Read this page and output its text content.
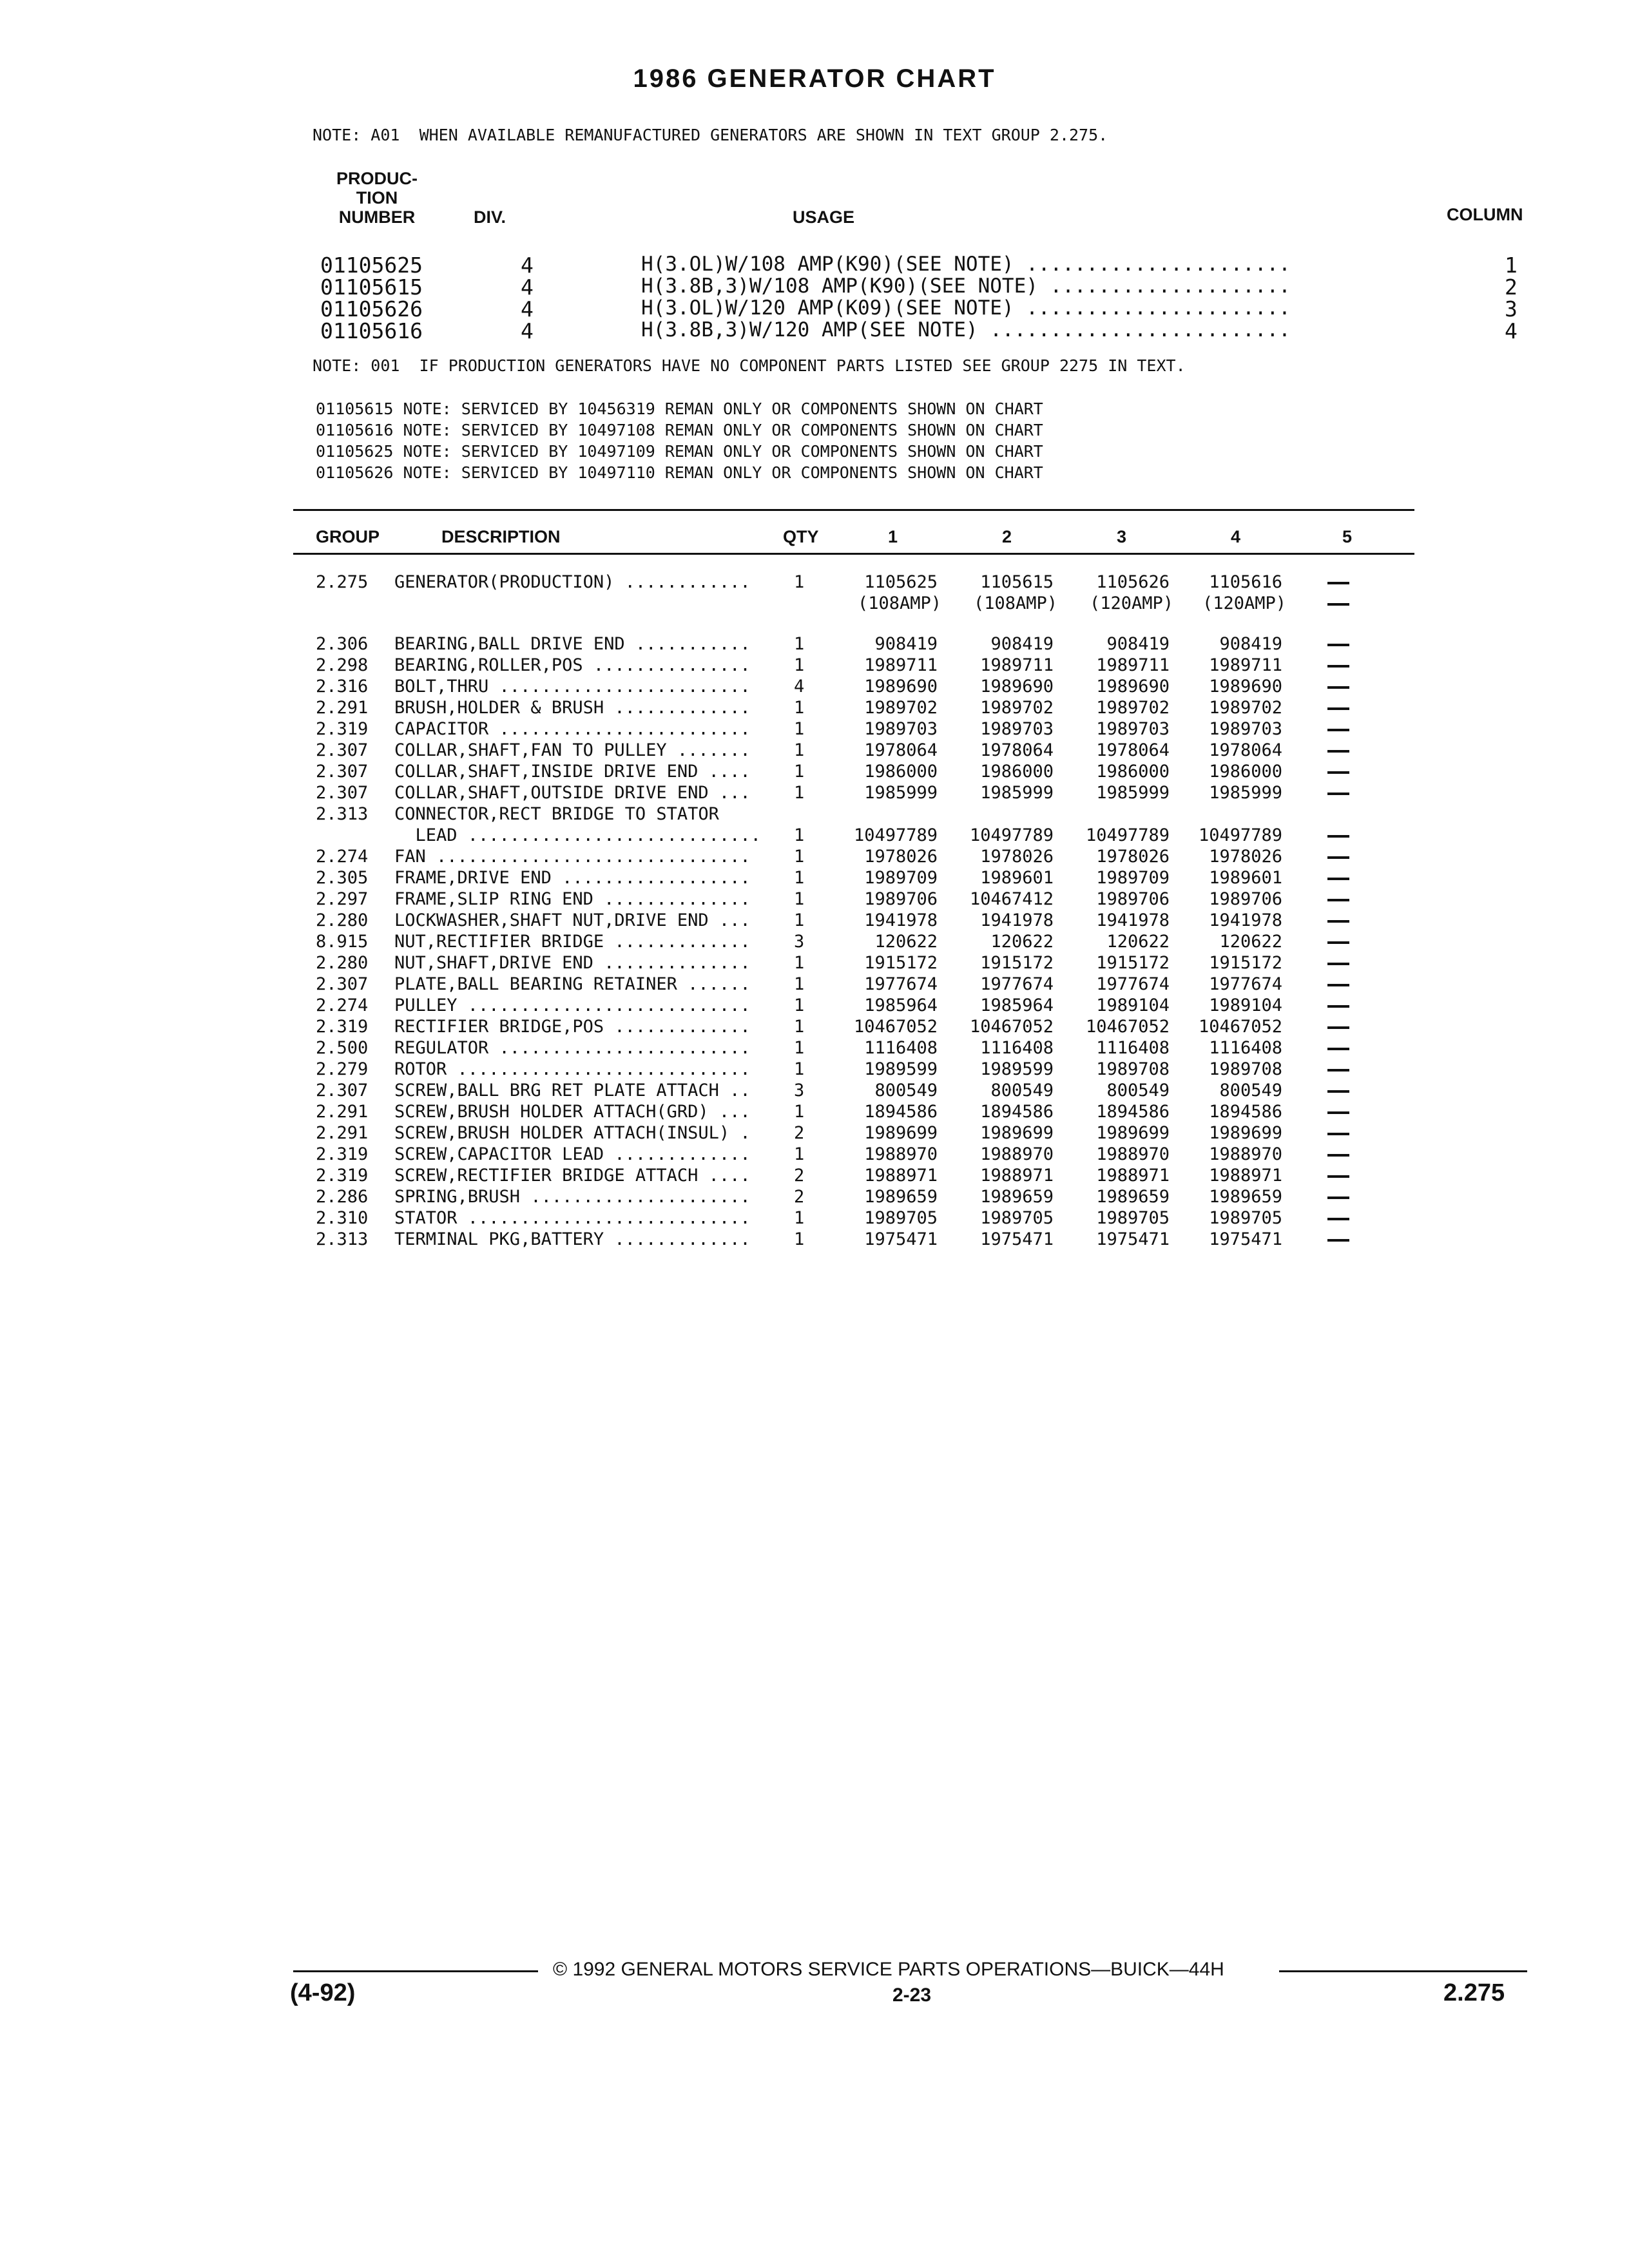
1986 GENERATOR CHART
NOTE: A01  WHEN AVAILABLE REMANUFACTURED GENERATORS ARE SHOWN IN TEXT GROUP 2.275.
PRODUC-
TION
NUMBER	DIV.	USAGE	COLUMN
01105625	4	H(3.OL)W/108 AMP(K90)(SEE NOTE) ......................	1
01105615	4	H(3.8B,3)W/108 AMP(K90)(SEE NOTE) ....................	2
01105626	4	H(3.OL)W/120 AMP(K09)(SEE NOTE) ......................	3
01105616	4	H(3.8B,3)W/120 AMP(SEE NOTE) .........................	4
NOTE: 001  IF PRODUCTION GENERATORS HAVE NO COMPONENT PARTS LISTED SEE GROUP 2275 IN TEXT.
01105615 NOTE: SERVICED BY 10456319 REMAN ONLY OR COMPONENTS SHOWN ON CHART
01105616 NOTE: SERVICED BY 10497108 REMAN ONLY OR COMPONENTS SHOWN ON CHART
01105625 NOTE: SERVICED BY 10497109 REMAN ONLY OR COMPONENTS SHOWN ON CHART
01105626 NOTE: SERVICED BY 10497110 REMAN ONLY OR COMPONENTS SHOWN ON CHART
GROUP	DESCRIPTION	QTY	1	2	3	4	5
2.275 GENERATOR(PRODUCTION) ............ 1	1105625	1105615	1105626	1105616
(108AMP)	(108AMP)	(120AMP)	(120AMP)
2.306 BEARING,BALL DRIVE END ........... 1	908419	908419	908419	908419
2.298 BEARING,ROLLER,POS ............... 1	1989711	1989711	1989711	1989711
2.316 BOLT,THRU ........................ 4	1989690	1989690	1989690	1989690
2.291 BRUSH,HOLDER & BRUSH ............. 1	1989702	1989702	1989702	1989702
2.319 CAPACITOR ........................ 1	1989703	1989703	1989703	1989703
2.307 COLLAR,SHAFT,FAN TO PULLEY ....... 1	1978064	1978064	1978064	1978064
2.307 COLLAR,SHAFT,INSIDE DRIVE END .... 1	1986000	1986000	1986000	1986000
2.307 COLLAR,SHAFT,OUTSIDE DRIVE END ... 1	1985999	1985999	1985999	1985999
2.313 CONNECTOR,RECT BRIDGE TO STATOR
LEAD ............................ 1	10497789	10497789	10497789	10497789
2.274 FAN .............................. 1	1978026	1978026	1978026	1978026
2.305 FRAME,DRIVE END .................. 1	1989709	1989601	1989709	1989601
2.297 FRAME,SLIP RING END .............. 1	1989706	10467412	1989706	1989706
2.280 LOCKWASHER,SHAFT NUT,DRIVE END ... 1	1941978	1941978	1941978	1941978
8.915 NUT,RECTIFIER BRIDGE ............. 3	120622	120622	120622	120622
2.280 NUT,SHAFT,DRIVE END .............. 1	1915172	1915172	1915172	1915172
2.307 PLATE,BALL BEARING RETAINER ...... 1	1977674	1977674	1977674	1977674
2.274 PULLEY ........................... 1	1985964	1985964	1989104	1989104
2.319 RECTIFIER BRIDGE,POS ............. 1	10467052	10467052	10467052	10467052
2.500 REGULATOR ........................ 1	1116408	1116408	1116408	1116408
2.279 ROTOR ............................ 1	1989599	1989599	1989708	1989708
2.307 SCREW,BALL BRG RET PLATE ATTACH .. 3	800549	800549	800549	800549
2.291 SCREW,BRUSH HOLDER ATTACH(GRD) ... 1	1894586	1894586	1894586	1894586
2.291 SCREW,BRUSH HOLDER ATTACH(INSUL) . 2	1989699	1989699	1989699	1989699
2.319 SCREW,CAPACITOR LEAD ............. 1	1988970	1988970	1988970	1988970
2.319 SCREW,RECTIFIER BRIDGE ATTACH .... 2	1988971	1988971	1988971	1988971
2.286 SPRING,BRUSH ..................... 2	1989659	1989659	1989659	1989659
2.310 STATOR ........................... 1	1989705	1989705	1989705	1989705
2.313 TERMINAL PKG,BATTERY ............. 1	1975471	1975471	1975471	1975471
© 1992 GENERAL MOTORS SERVICE PARTS OPERATIONS—BUICK—44H
(4-92)	2-23	2.275
